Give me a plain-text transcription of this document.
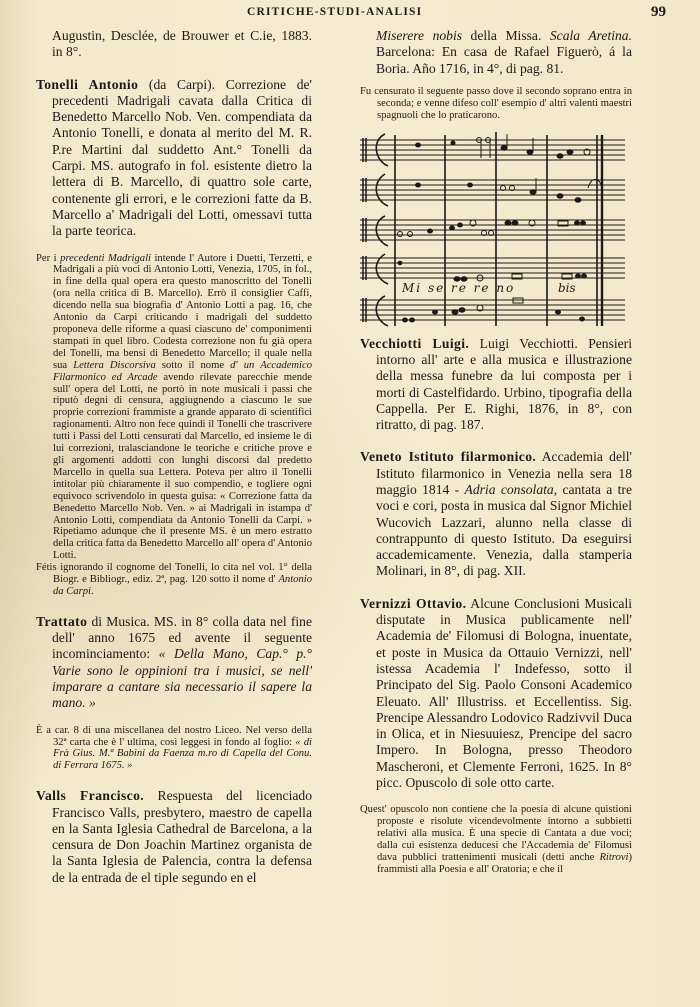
CRITICHE-STUDI-ANALISI	99

Augustin, Desclée, de Brouwer et C.ie, 1883. in 8°.

Tonelli Antonio (da Carpi). Correzione de' precedenti Madrigali cavata dalla Critica di Benedetto Marcello Nob. Ven. compendiata da Antonio Tonelli, e donata al merito del M. R. P.re Martini dal suddetto Ant.° Tonelli da Carpi. MS. autografo in fol. esistente dietro la lettera di B. Marcello, di quattro sole carte, contenente gli errori, e le correzioni fatte da B. Marcello a' Madrigali del Lotti, omessavi tutta la parte teorica.

Per i precedenti Madrigali intende l' Autore i Duetti, Terzetti, e Madrigali a più voci di Antonio Lotti, Venezia, 1705, in fol., in fine della qual opera era questo manoscritto del Tonelli (ora nella critica di B. Marcello). Errò il consiglier Caffi, dicendo nella sua biografia d' Antonio Lotti a pag. 16, che Antonio da Carpi criticando i madrigali del suddetto proponeva delle riforme a quasi ciascuno de' componimenti stampati in quel libro. Codesta correzione non fu già opera del Tonelli, ma bensi di Benedetto Marcello; il quale nella sua Lettera Discorsiva sotto il nome d' un Accademico Filarmonico ed Arcade avendo rilevate parecchie mende sull' opera del Lotti, ne portò in note musicali i passi che riputò degni di censura, aggiugnendo a ciascuno le sue proprie correzioni frammiste a grande apparato di scientifici ragionamenti. Altro non fece quindi il Tonelli che trascrivere tutti i Passi del Lotti censurati dal Marcello, ed insieme le di lui correzioni, tralasciandone le teoriche e critiche prove e gli argomenti addotti con lunghi discorsi dal predetto Marcello in quella sua Lettera. Poteva per altro il Tonelli intitolar più chiaramente il suo compendio, e togliere ogni equivoco scrivendolo in questa guisa: « Correzione fatta da Benedetto Marcello Nob. Ven. » ai Madrigali in istampa d' Antonio Lotti, compendiata da Antonio Tonelli da Carpi. » Ripetiamo adunque che il presente MS. è un mero estratto della critica fatta da Benedetto Marcello all' opera d' Antonio Lotti.

Fétis ignorando il cognome del Tonelli, lo cita nel vol. 1° della Biogr. e Bibliogr., ediz. 2ª, pag. 120 sotto il nome d' Antonio da Carpi.

Trattato di Musica. MS. in 8° colla data nel fine dell' anno 1675 ed avente il seguente incominciamento: « Della Mano, Cap.° p.° Varie sono le oppinioni tra i musici, se nell' imparare a cantare sia necessario il sapere la mano. »

È a car. 8 di una miscellanea del nostro Liceo. Nel verso della 32ª carta che è l' ultima, così leggesi in fondo al foglio: « di Frà Gius. M.ª Babini da Faenza m.ro di Capella del Conu. di Ferrara 1675. »

Valls Francisco. Respuesta del licenciado Francisco Valls, presbytero, maestro de capella en la Santa Iglesia Cathedral de Barcelona, a la censura de Don Joachin Martinez organista de la Santa Iglesia de Palencia, contra la defensa de la entrada de el tiple segundo en el

Miserere nobis della Missa. Scala Aretina. Barcelona: En casa de Rafael Figuerò, á la Boria. Año 1716, in 4°, di pag. 81.

Fu censurato il seguente passo dove il secondo soprano entra in seconda; e venne difeso coll' esempio d' altri valenti maestri spagnuoli che lo praticarono.

Mi se re re no	bis

Vecchiotti Luigi. Luigi Vecchiotti. Pensieri intorno all' arte e alla musica e illustrazione della messa funebre da lui composta per i morti di Castelfidardo. Urbino, tipografia della Cappella. Per E. Righi, 1876, in 8°, con ritratto, di pag. 187.

Veneto Istituto filarmonico. Accademia dell' Istituto filarmonico in Venezia nella sera 18 maggio 1814 - Adria consolata, cantata a tre voci e cori, posta in musica dal Signor Michiel Wucovich Lazzari, alunno nella classe di contrappunto di questo Istituto. Da eseguirsi accademicamente. Venezia, dalla stamperia Molinari, in 8°, di pag. XII.

Vernizzi Ottavio. Alcune Conclusioni Musicali disputate in Musica publicamente nell' Academia de' Filomusi di Bologna, inuentate, et poste in Musica da Ottauio Vernizzi, nell' istessa Academia l' Indefesso, sotto il Principato del Sig. Paolo Consoni Academico Eleuato. All' Illustriss. et Eccellentiss. Sig. Prencipe Alessandro Lodovico Radzivvil Duca in Olica, et in Niesuuiesz, Prencipe del sacro Impero. In Bologna, presso Theodoro Mascheroni, et Clemente Ferroni, 1625. In 8° picc. Opuscolo di sole otto carte.

Quest' opuscolo non contiene che la poesia di alcune quistioni proposte e risolute vicendevolmente intorno a subbietti relativi alla musica. È una specie di Cantata a due voci; dalla cui esistenza deducesi che l'Accademia de' Filomusi dava pubblici trattenimenti musicali (detti anche Ritrovi) frammisti alla Poesia e all' Oratoria; e che il
